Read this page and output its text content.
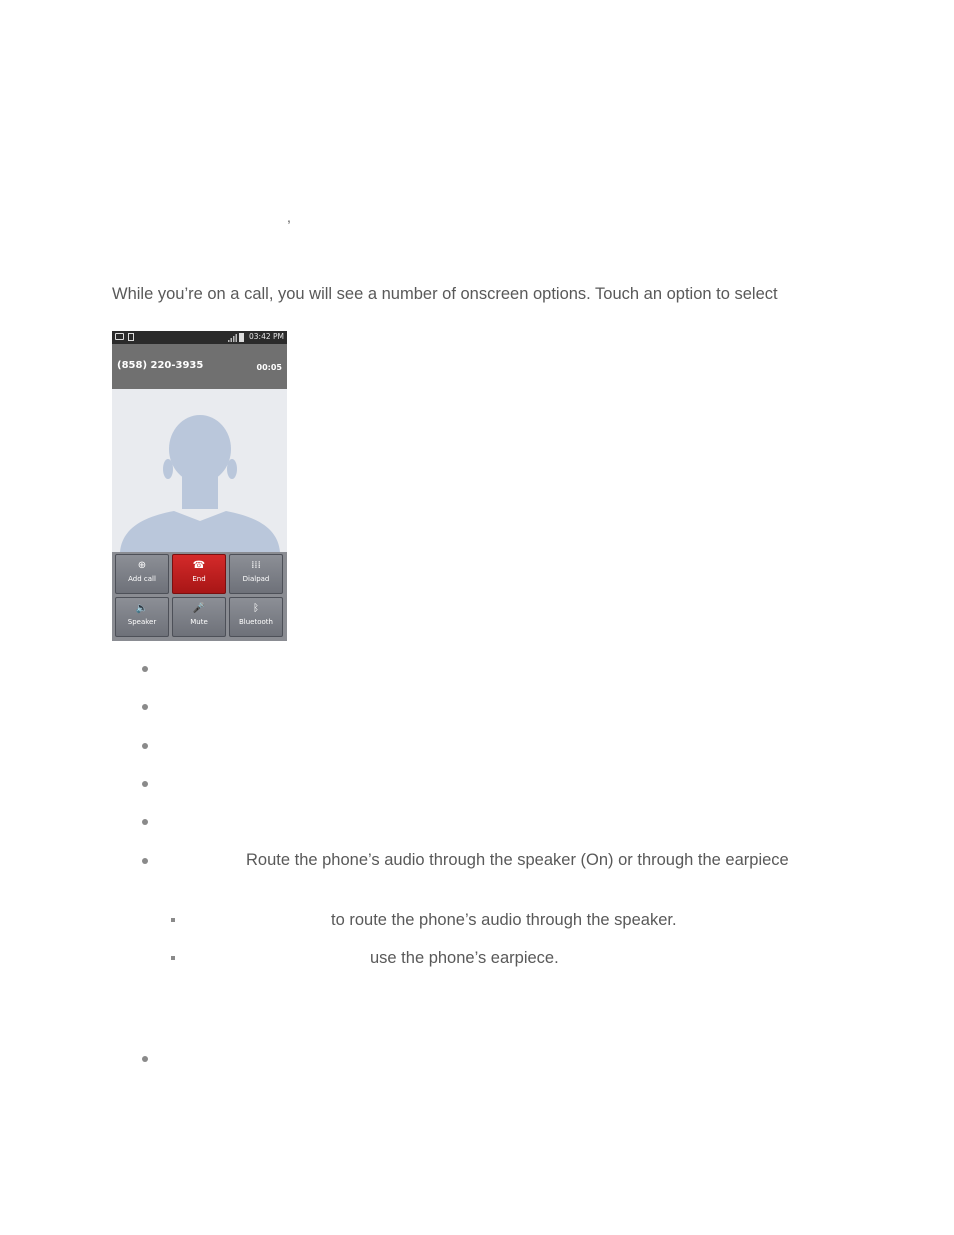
,
While you’re on a call, you will see a number of onscreen options. Touch an option to select
03:42 PM
(858) 220-3935	00:05
⊕
Add call
☎
End
⁞⁞⁞
Dialpad
🔈
Speaker
🎤
Mute
ᛒ
Bluetooth
Route the phone’s audio through the speaker (On) or through the earpiece
to route the phone’s audio through the speaker.
use the phone’s earpiece.
